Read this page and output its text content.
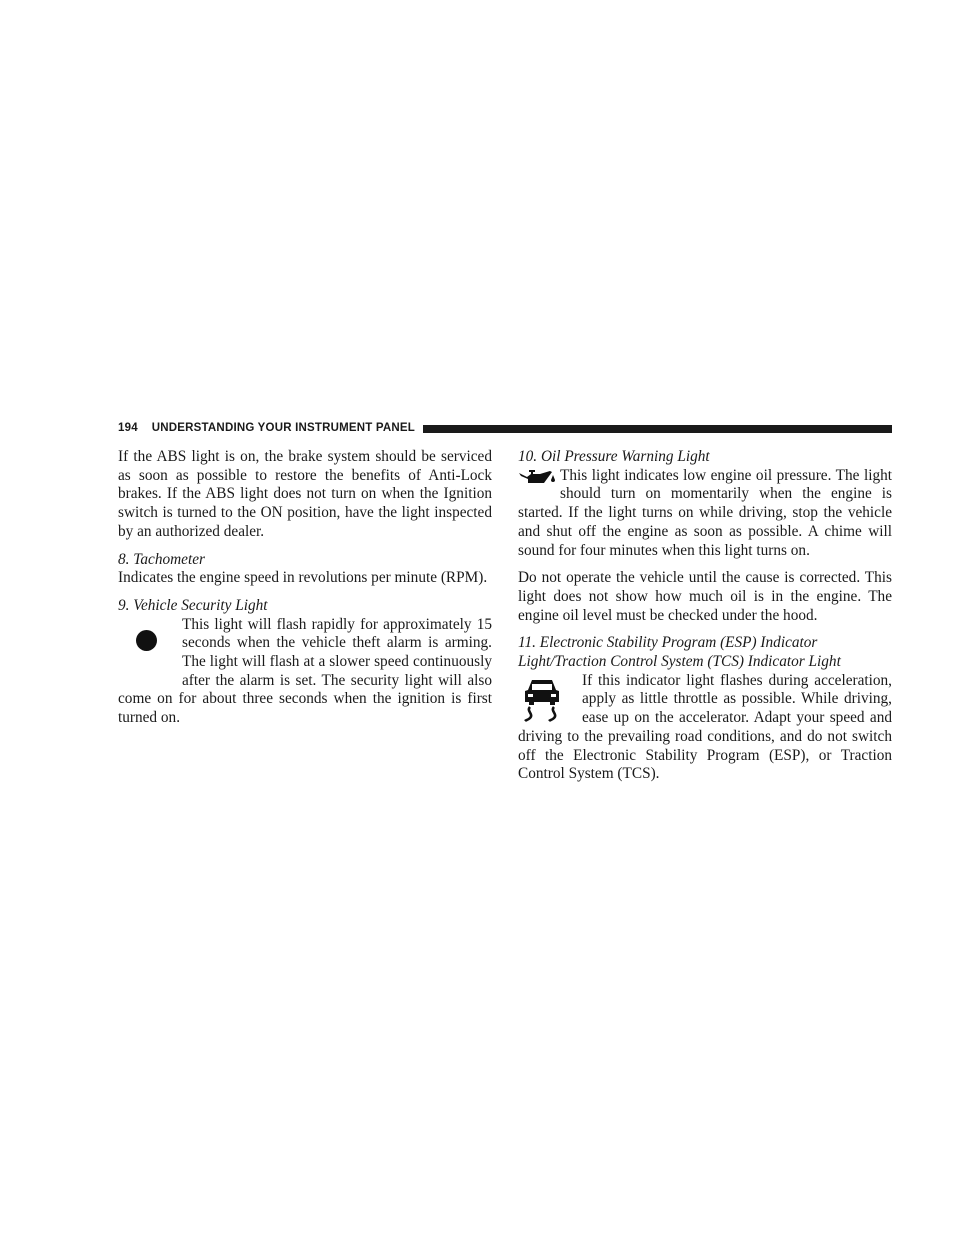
194 UNDERSTANDING YOUR INSTRUMENT PANEL

If the ABS light is on, the brake system should be serviced as soon as possible to restore the benefits of Anti-Lock brakes. If the ABS light does not turn on when the Ignition switch is turned to the ON position, have the light inspected by an authorized dealer.

8. Tachometer

Indicates the engine speed in revolutions per minute (RPM).

9. Vehicle Security Light

This light will flash rapidly for approximately 15 seconds when the vehicle theft alarm is arming. The light will flash at a slower speed continuously after the alarm is set. The security light will also come on for about three seconds when the ignition is first turned on.

10. Oil Pressure Warning Light

This light indicates low engine oil pressure. The light should turn on momentarily when the engine is started. If the light turns on while driving, stop the vehicle and shut off the engine as soon as possible. A chime will sound for four minutes when this light turns on.

Do not operate the vehicle until the cause is corrected. This light does not show how much oil is in the engine. The engine oil level must be checked under the hood.

11. Electronic Stability Program (ESP) Indicator Light/Traction Control System (TCS) Indicator Light

If this indicator light flashes during acceleration, apply as little throttle as possible. While driving, ease up on the accelerator. Adapt your speed and driving to the prevailing road conditions, and do not switch off the Electronic Stability Program (ESP), or Traction Control System (TCS).
